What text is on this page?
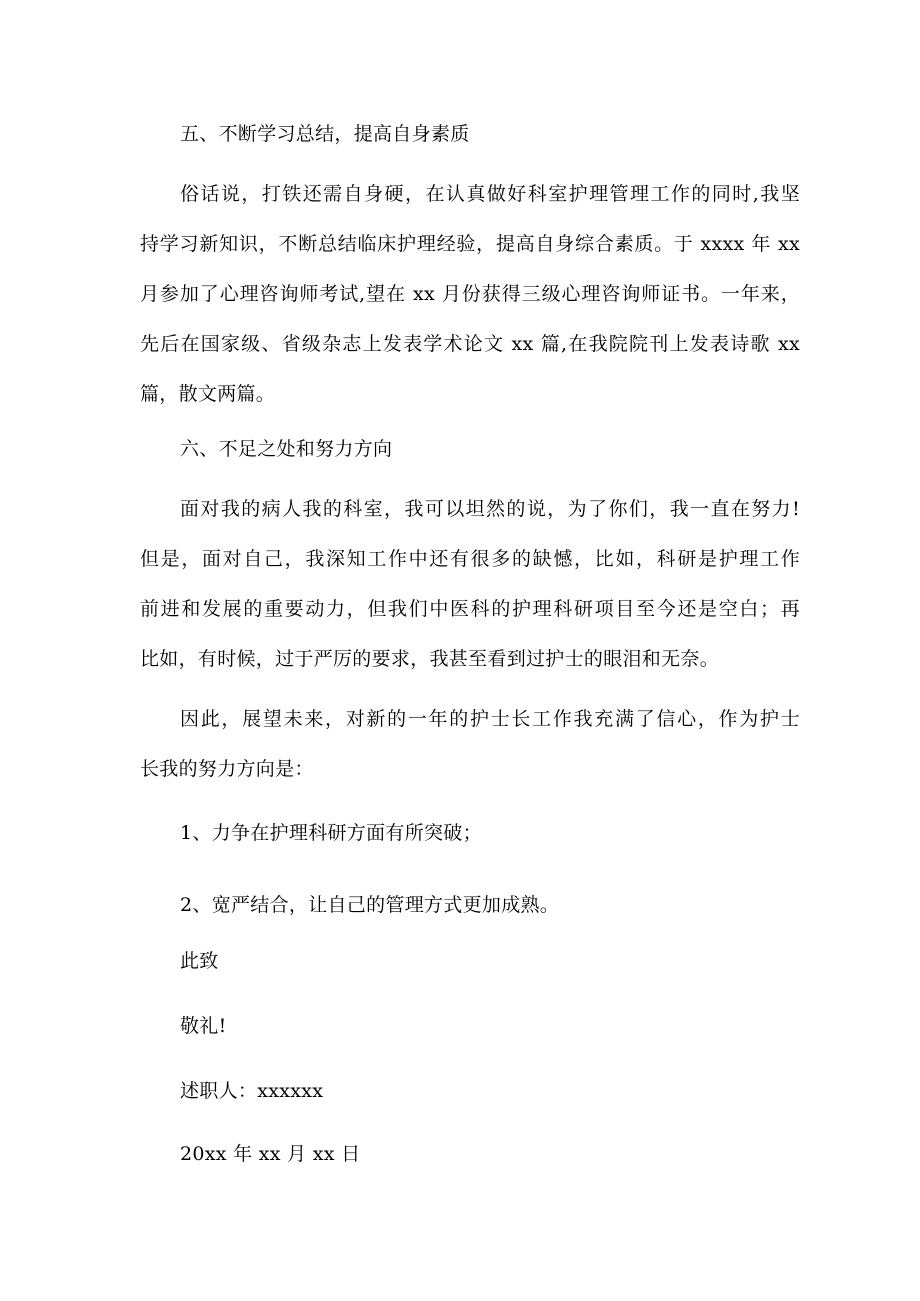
五、不断学习总结，提高自身素质
俗话说，打铁还需自身硬，在认真做好科室护理管理工作的同时,我坚
持学习新知识，不断总结临床护理经验，提高自身综合素质。于 xxxx 年 xx
月参加了心理咨询师考试,望在 xx 月份获得三级心理咨询师证书。一年来，
先后在国家级、省级杂志上发表学术论文 xx 篇,在我院院刊上发表诗歌 xx
篇，散文两篇。
六、不足之处和努力方向
面对我的病人我的科室，我可以坦然的说，为了你们，我一直在努力!
但是，面对自己，我深知工作中还有很多的缺憾，比如，科研是护理工作
前进和发展的重要动力，但我们中医科的护理科研项目至今还是空白；再
比如，有时候，过于严厉的要求，我甚至看到过护士的眼泪和无奈。
因此，展望未来，对新的一年的护士长工作我充满了信心，作为护士
长我的努力方向是：
1、力争在护理科研方面有所突破；
2、宽严结合，让自己的管理方式更加成熟。
此致
敬礼!
述职人：xxxxxx
20xx 年 xx 月 xx 日
